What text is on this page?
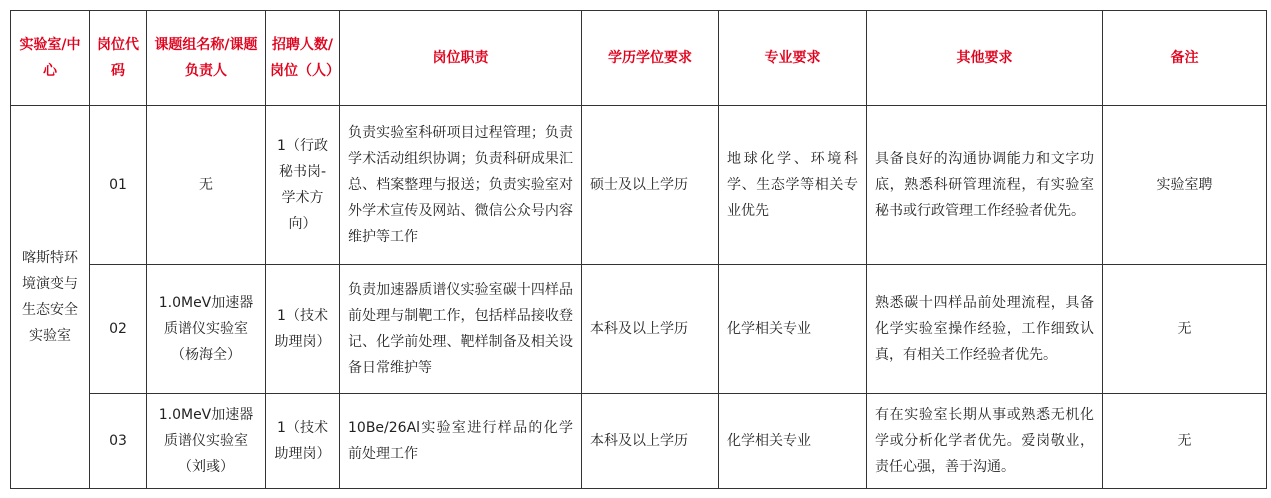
实验室/中心	岗位代码	课题组名称/课题负责人	招聘人数/岗位（人）	岗位职责	学历学位要求	专业要求	其他要求	备注
喀斯特环境演变与生态安全实验室	01	无	1（行政秘书岗-学术方向）	负责实验室科研项目过程管理；负责学术活动组织协调；负责科研成果汇总、档案整理与报送；负责实验室对外学术宣传及网站、微信公众号内容维护等工作	硕士及以上学历	地球化学、环境科学、生态学等相关专业优先	具备良好的沟通协调能力和文字功底，熟悉科研管理流程，有实验室秘书或行政管理工作经验者优先。	实验室聘
	02	1.0MeV加速器质谱仪实验室（杨海全）	1（技术助理岗）	负责加速器质谱仪实验室碳十四样品前处理与制靶工作，包括样品接收登记、化学前处理、靶样制备及相关设备日常维护等	本科及以上学历	化学相关专业	熟悉碳十四样品前处理流程，具备化学实验室操作经验，工作细致认真，有相关工作经验者优先。	无
	03	1.0MeV加速器质谱仪实验室（刘彧）	1（技术助理岗）	10Be/26Al实验室进行样品的化学前处理工作	本科及以上学历	化学相关专业	有在实验室长期从事或熟悉无机化学或分析化学者优先。爱岗敬业，责任心强，善于沟通。	无
